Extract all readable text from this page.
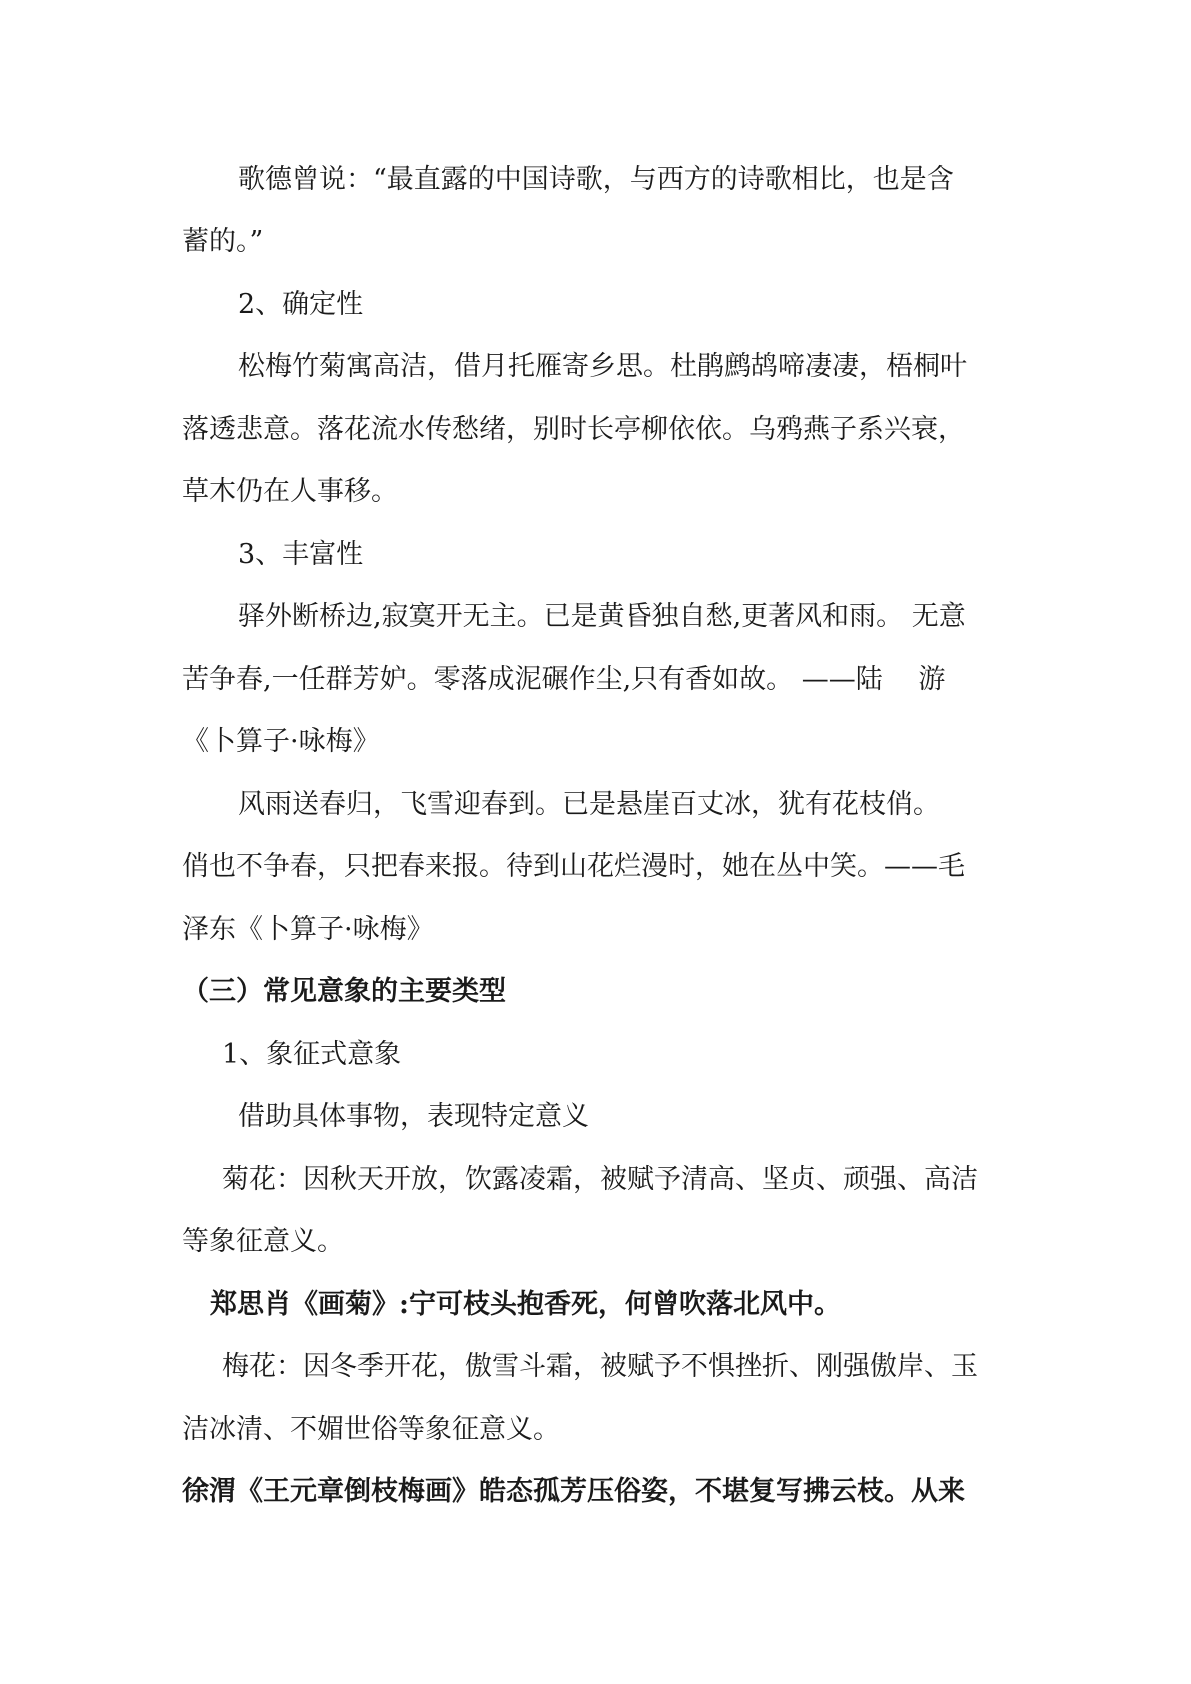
歌德曾说：“最直露的中国诗歌，与西方的诗歌相比，也是含
蓄的。”
2、确定性
松梅竹菊寓高洁，借月托雁寄乡思。杜鹃鹧鸪啼凄凄，梧桐叶
落透悲意。落花流水传愁绪，别时长亭柳依依。乌鸦燕子系兴衰，
草木仍在人事移。
3、丰富性
驿外断桥边,寂寞开无主。已是黄昏独自愁,更著风和雨。 无意
苦争春,一任群芳妒。零落成泥碾作尘,只有香如故。 ——陆　 游
《卜算子·咏梅》
风雨送春归，飞雪迎春到。已是悬崖百丈冰，犹有花枝俏。
俏也不争春，只把春来报。待到山花烂漫时，她在丛中笑。——毛
泽东《卜算子·咏梅》
（三）常见意象的主要类型
1、象征式意象
借助具体事物，表现特定意义
菊花：因秋天开放，饮露凌霜，被赋予清高、坚贞、顽强、高洁
等象征意义。
郑思肖《画菊》:宁可枝头抱香死，何曾吹落北风中。
梅花：因冬季开花，傲雪斗霜，被赋予不惧挫折、刚强傲岸、玉
洁冰清、不媚世俗等象征意义。
徐渭《王元章倒枝梅画》皓态孤芳压俗姿，不堪复写拂云枝。从来
